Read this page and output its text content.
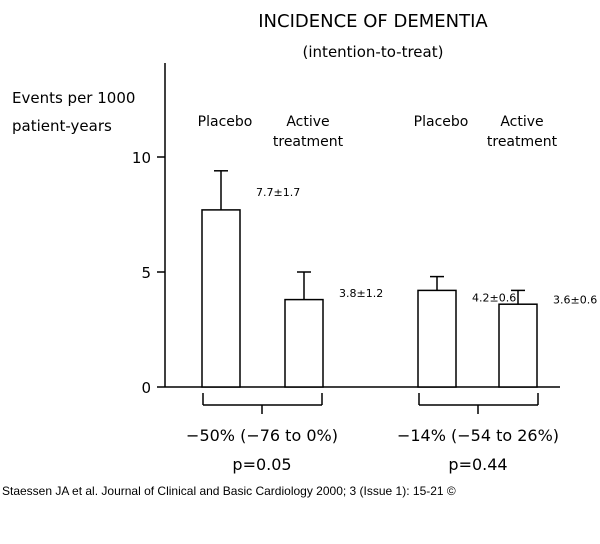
INCIDENCE OF DEMENTIA
(intention-to-treat)
Events per 1000
patient-years
0
5
10
7.7±1.7
Placebo
3.8±1.2
Active
treatment
−50% (−76 to 0%)
p=0.05
4.2±0.6
Placebo
3.6±0.6
Active
treatment
−14% (−54 to 26%)
p=0.44
Staessen JA et al. Journal of Clinical and Basic Cardiology 2000; 3 (Issue 1): 15-21 ©
